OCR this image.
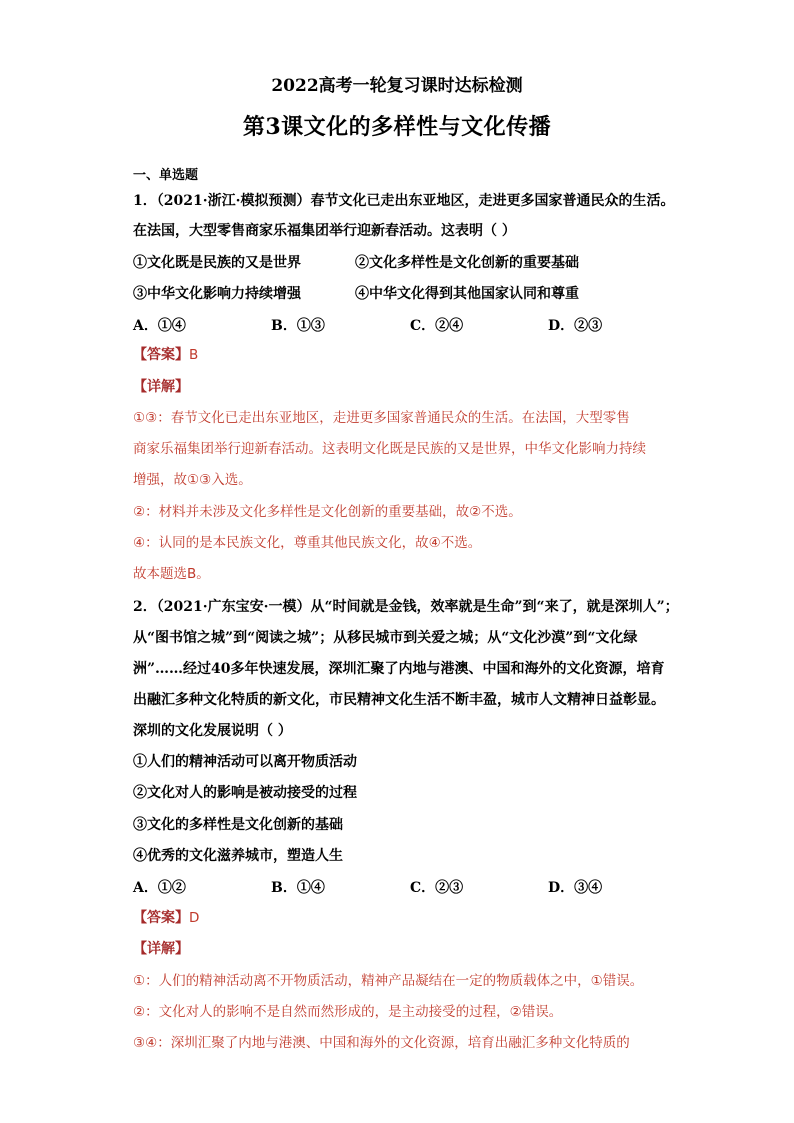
2022高考一轮复习课时达标检测
第3课文化的多样性与文化传播
一、单选题
1．（2021·浙江·模拟预测）春节文化已走出东亚地区，走进更多国家普通民众的生活。
在法国，大型零售商家乐福集团举行迎新春活动。这表明（ ）
①文化既是民族的又是世界	②文化多样性是文化创新的重要基础
③中华文化影响力持续增强	④中华文化得到其他国家认同和尊重
A．①④	B．①③	C．②④	D．②③
【答案】B
【详解】
①③：春节文化已走出东亚地区，走进更多国家普通民众的生活。在法国，大型零售
商家乐福集团举行迎新春活动。这表明文化既是民族的又是世界，中华文化影响力持续
增强，故①③入选。
②：材料并未涉及文化多样性是文化创新的重要基础，故②不选。
④：认同的是本民族文化，尊重其他民族文化，故④不选。
故本题选B。
2．（2021·广东宝安·一模）从“时间就是金钱，效率就是生命”到“来了，就是深圳人”；
从“图书馆之城”到“阅读之城”；从移民城市到关爱之城；从“文化沙漠”到“文化绿
洲”……经过40多年快速发展，深圳汇聚了内地与港澳、中国和海外的文化资源，培育
出融汇多种文化特质的新文化，市民精神文化生活不断丰盈，城市人文精神日益彰显。
深圳的文化发展说明（ ）
①人们的精神活动可以离开物质活动
②文化对人的影响是被动接受的过程
③文化的多样性是文化创新的基础
④优秀的文化滋养城市，塑造人生
A．①②	B．①④	C．②③	D．③④
【答案】D
【详解】
①：人们的精神活动离不开物质活动，精神产品凝结在一定的物质载体之中，①错误。
②：文化对人的影响不是自然而然形成的，是主动接受的过程，②错误。
③④：深圳汇聚了内地与港澳、中国和海外的文化资源，培育出融汇多种文化特质的
